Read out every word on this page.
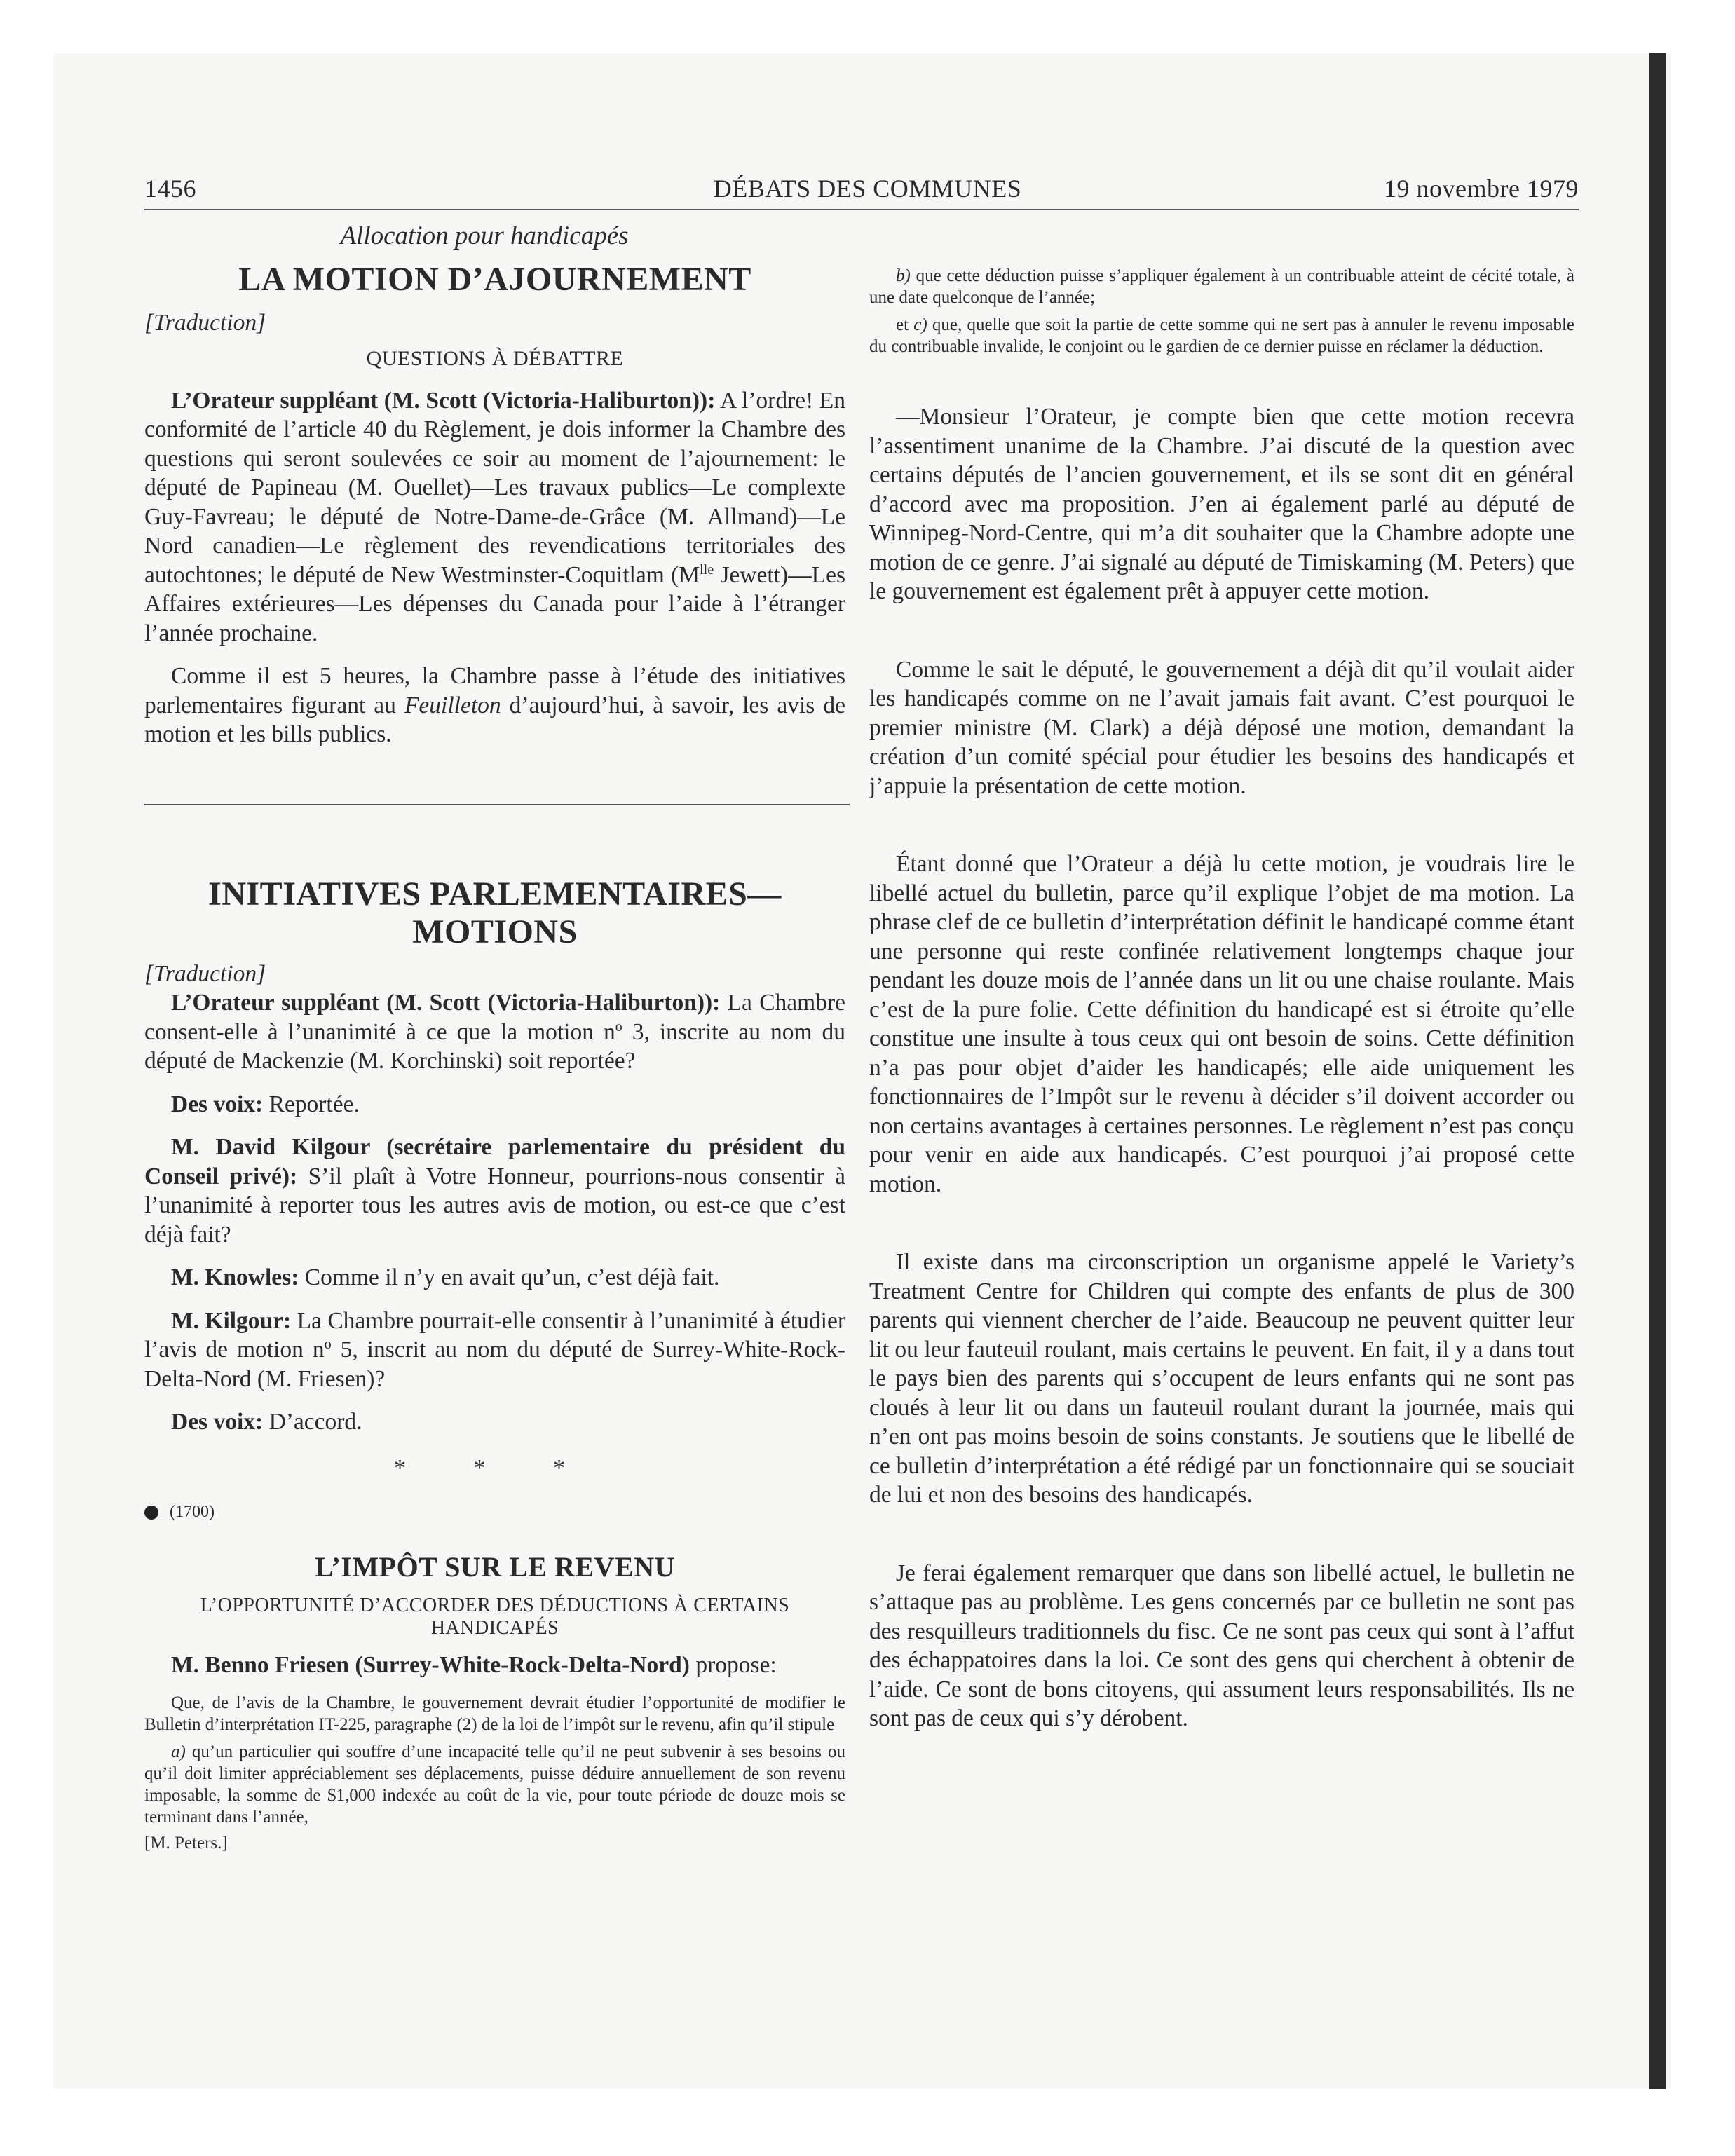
1456	DÉBATS DES COMMUNES	19 novembre 1979
Allocation pour handicapés
LA MOTION D’AJOURNEMENT
[Traduction]
QUESTIONS À DÉBATTRE

L’Orateur suppléant (M. Scott (Victoria-Haliburton)): A l’ordre! En conformité de l’article 40 du Règlement, je dois informer la Chambre des questions qui seront soulevées ce soir au moment de l’ajournement: le député de Papineau (M. Ouellet)—Les travaux publics—Le complexte Guy-Favreau; le député de Notre-Dame-de-Grâce (M. Allmand)—Le Nord canadien—Le règlement des revendications territoriales des autochtones; le député de New Westminster-Coquitlam ($M^{lle}$ Jewett)—Les Affaires extérieures—Les dépenses du Canada pour l’aide à l’étranger l’année prochaine.

Comme il est 5 heures, la Chambre passe à l’étude des initiatives parlementaires figurant au Feuilleton d’aujourd’hui, à savoir, les avis de motion et les bills publics.

INITIATIVES PARLEMENTAIRES— MOTIONS
[Traduction]

L’Orateur suppléant (M. Scott (Victoria-Haliburton)): La Chambre consent-elle à l’unanimité à ce que la motion $n^o$ 3, inscrite au nom du député de Mackenzie (M. Korchinski) soit reportée?

Des voix: Reportée.

M. David Kilgour (secrétaire parlementaire du président du Conseil privé): S’il plaît à Votre Honneur, pourrions-nous consentir à l’unanimité à reporter tous les autres avis de motion, ou est-ce que c’est déjà fait?

M. Knowles: Comme il n’y en avait qu’un, c’est déjà fait.

M. Kilgour: La Chambre pourrait-elle consentir à l’unanimité à étudier l’avis de motion $n^o$ 5, inscrit au nom du député de Surrey-White-Rock-Delta-Nord (M. Friesen)?

Des voix: D’accord.

* * *
(1700)
L’IMPÔT SUR LE REVENU
L’OPPORTUNITÉ D’ACCORDER DES DÉDUCTIONS À CERTAINS HANDICAPÉS

M. Benno Friesen (Surrey-White-Rock-Delta-Nord) propose:

Que, de l’avis de la Chambre, le gouvernement devrait étudier l’opportunité de modifier le Bulletin d’interprétation IT-225, paragraphe (2) de la loi de l’impôt sur le revenu, afin qu’il stipule

a) qu’un particulier qui souffre d’une incapacité telle qu’il ne peut subvenir à ses besoins ou qu’il doit limiter appréciablement ses déplacements, puisse déduire annuellement de son revenu imposable, la somme de $1,000 indexée au coût de la vie, pour toute période de douze mois se terminant dans l’année,

[M. Peters.]

b) que cette déduction puisse s’appliquer également à un contribuable atteint de cécité totale, à une date quelconque de l’année;

et c) que, quelle que soit la partie de cette somme qui ne sert pas à annuler le revenu imposable du contribuable invalide, le conjoint ou le gardien de ce dernier puisse en réclamer la déduction.

—Monsieur l’Orateur, je compte bien que cette motion recevra l’assentiment unanime de la Chambre. J’ai discuté de la question avec certains députés de l’ancien gouvernement, et ils se sont dit en général d’accord avec ma proposition. J’en ai également parlé au député de Winnipeg-Nord-Centre, qui m’a dit souhaiter que la Chambre adopte une motion de ce genre. J’ai signalé au député de Timiskaming (M. Peters) que le gouvernement est également prêt à appuyer cette motion.

Comme le sait le député, le gouvernement a déjà dit qu’il voulait aider les handicapés comme on ne l’avait jamais fait avant. C’est pourquoi le premier ministre (M. Clark) a déjà déposé une motion, demandant la création d’un comité spécial pour étudier les besoins des handicapés et j’appuie la présentation de cette motion.

Étant donné que l’Orateur a déjà lu cette motion, je voudrais lire le libellé actuel du bulletin, parce qu’il explique l’objet de ma motion. La phrase clef de ce bulletin d’interprétation définit le handicapé comme étant une personne qui reste confinée relativement longtemps chaque jour pendant les douze mois de l’année dans un lit ou une chaise roulante. Mais c’est de la pure folie. Cette définition du handicapé est si étroite qu’elle constitue une insulte à tous ceux qui ont besoin de soins. Cette définition n’a pas pour objet d’aider les handicapés; elle aide uniquement les fonctionnaires de l’Impôt sur le revenu à décider s’il doivent accorder ou non certains avantages à certaines personnes. Le règlement n’est pas conçu pour venir en aide aux handicapés. C’est pourquoi j’ai proposé cette motion.

Il existe dans ma circonscription un organisme appelé le Variety’s Treatment Centre for Children qui compte des enfants de plus de 300 parents qui viennent chercher de l’aide. Beaucoup ne peuvent quitter leur lit ou leur fauteuil roulant, mais certains le peuvent. En fait, il y a dans tout le pays bien des parents qui s’occupent de leurs enfants qui ne sont pas cloués à leur lit ou dans un fauteuil roulant durant la journée, mais qui n’en ont pas moins besoin de soins constants. Je soutiens que le libellé de ce bulletin d’interprétation a été rédigé par un fonctionnaire qui se souciait de lui et non des besoins des handicapés.

Je ferai également remarquer que dans son libellé actuel, le bulletin ne s’attaque pas au problème. Les gens concernés par ce bulletin ne sont pas des resquilleurs traditionnels du fisc. Ce ne sont pas ceux qui sont à l’affut des échappatoires dans la loi. Ce sont des gens qui cherchent à obtenir de l’aide. Ce sont de bons citoyens, qui assument leurs responsabilités. Ils ne sont pas de ceux qui s’y dérobent.
